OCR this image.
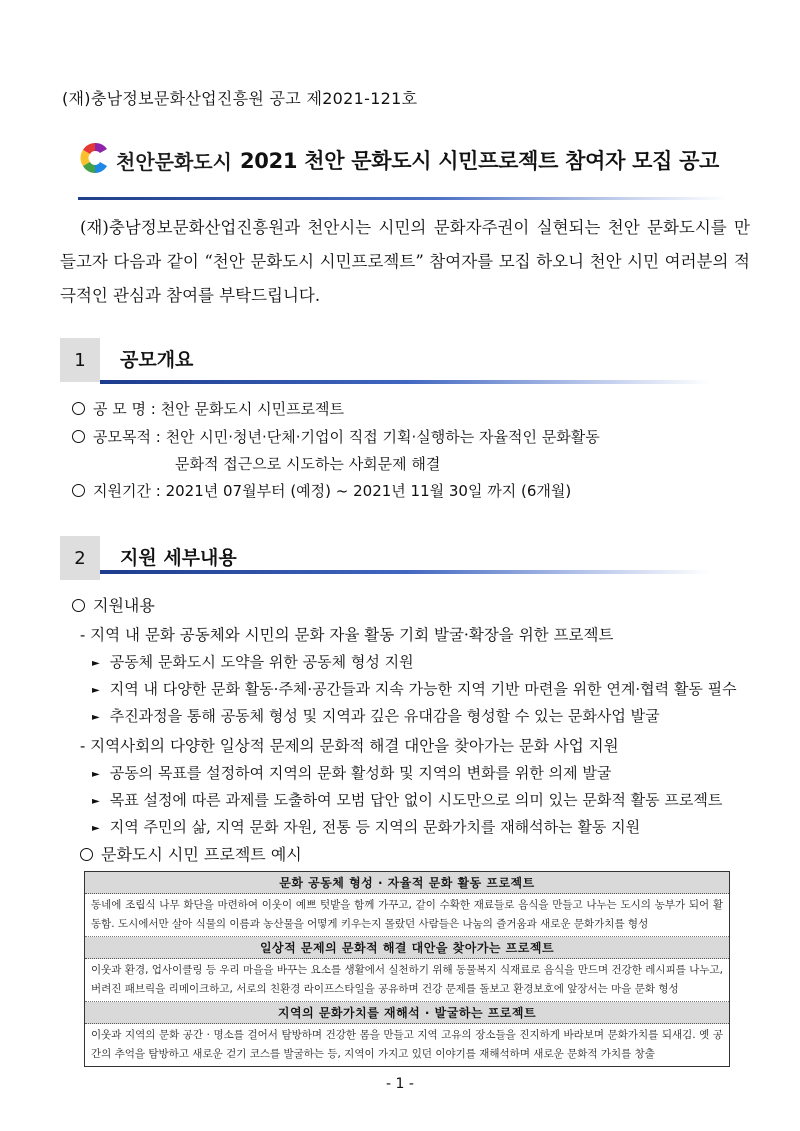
(재)충남정보문화산업진흥원 공고 제2021-121호
천안문화도시 2021 천안 문화도시 시민프로젝트 참여자 모집 공고
(재)충남정보문화산업진흥원과 천안시는 시민의 문화자주권이 실현되는 천안 문화도시를 만들고자 다음과 같이 “천안 문화도시 시민프로젝트” 참여자를 모집 하오니 천안 시민 여러분의 적극적인 관심과 참여를 부탁드립니다.
1	공모개요
공 모 명 : 천안 문화도시 시민프로젝트
공모목적 : 천안 시민·청년·단체·기업이 직접 기획·실행하는 자율적인 문화활동
문화적 접근으로 시도하는 사회문제 해결
지원기간 : 2021년 07월부터 (예정) ~ 2021년 11월 30일 까지 (6개월)
2	지원 세부내용
지원내용
- 지역 내 문화 공동체와 시민의 문화 자율 활동 기회 발굴·확장을 위한 프로젝트
► 공동체 문화도시 도약을 위한 공동체 형성 지원
► 지역 내 다양한 문화 활동·주체·공간들과 지속 가능한 지역 기반 마련을 위한 연계·협력 활동 필수
► 추진과정을 통해 공동체 형성 및 지역과 깊은 유대감을 형성할 수 있는 문화사업 발굴
- 지역사회의 다양한 일상적 문제의 문화적 해결 대안을 찾아가는 문화 사업 지원
► 공동의 목표를 설정하여 지역의 문화 활성화 및 지역의 변화를 위한 의제 발굴
► 목표 설정에 따른 과제를 도출하여 모범 답안 없이 시도만으로 의미 있는 문화적 활동 프로젝트
► 지역 주민의 삶, 지역 문화 자원, 전통 등 지역의 문화가치를 재해석하는 활동 지원
문화도시 시민 프로젝트 예시
문화 공동체 형성 · 자율적 문화 활동 프로젝트
동네에 조립식 나무 화단을 마련하여 이웃이 예쁘 텃밭을 함께 가꾸고, 같이 수확한 재료들로 음식을 만들고 나누는 도시의 농부가 되어 활동함. 도시에서만 살아 식물의 이름과 농산물을 어떻게 키우는지 몰랐던 사람들은 나눔의 즐거움과 새로운 문화가치를 형성
일상적 문제의 문화적 해결 대안을 찾아가는 프로젝트
이웃과 환경, 업사이클링 등 우리 마을을 바꾸는 요소를 생활에서 실천하기 위해 동물복지 식재료로 음식을 만드며 건강한 레시피를 나누고, 버려진 패브릭을 리메이크하고, 서로의 친환경 라이프스타일을 공유하며 건강 문제를 돌보고 환경보호에 앞장서는 마을 문화 형성
지역의 문화가치를 재해석 · 발굴하는 프로젝트
이웃과 지역의 문화 공간 · 명소를 걸어서 탐방하며 건강한 몸을 만들고 지역 고유의 장소들을 진지하게 바라보며 문화가치를 되새김. 옛 공간의 추억을 탐방하고 새로운 걷기 코스를 발굴하는 등, 지역이 가지고 있던 이야기를 재해석하며 새로운 문화적 가치를 창출
- 1 -
